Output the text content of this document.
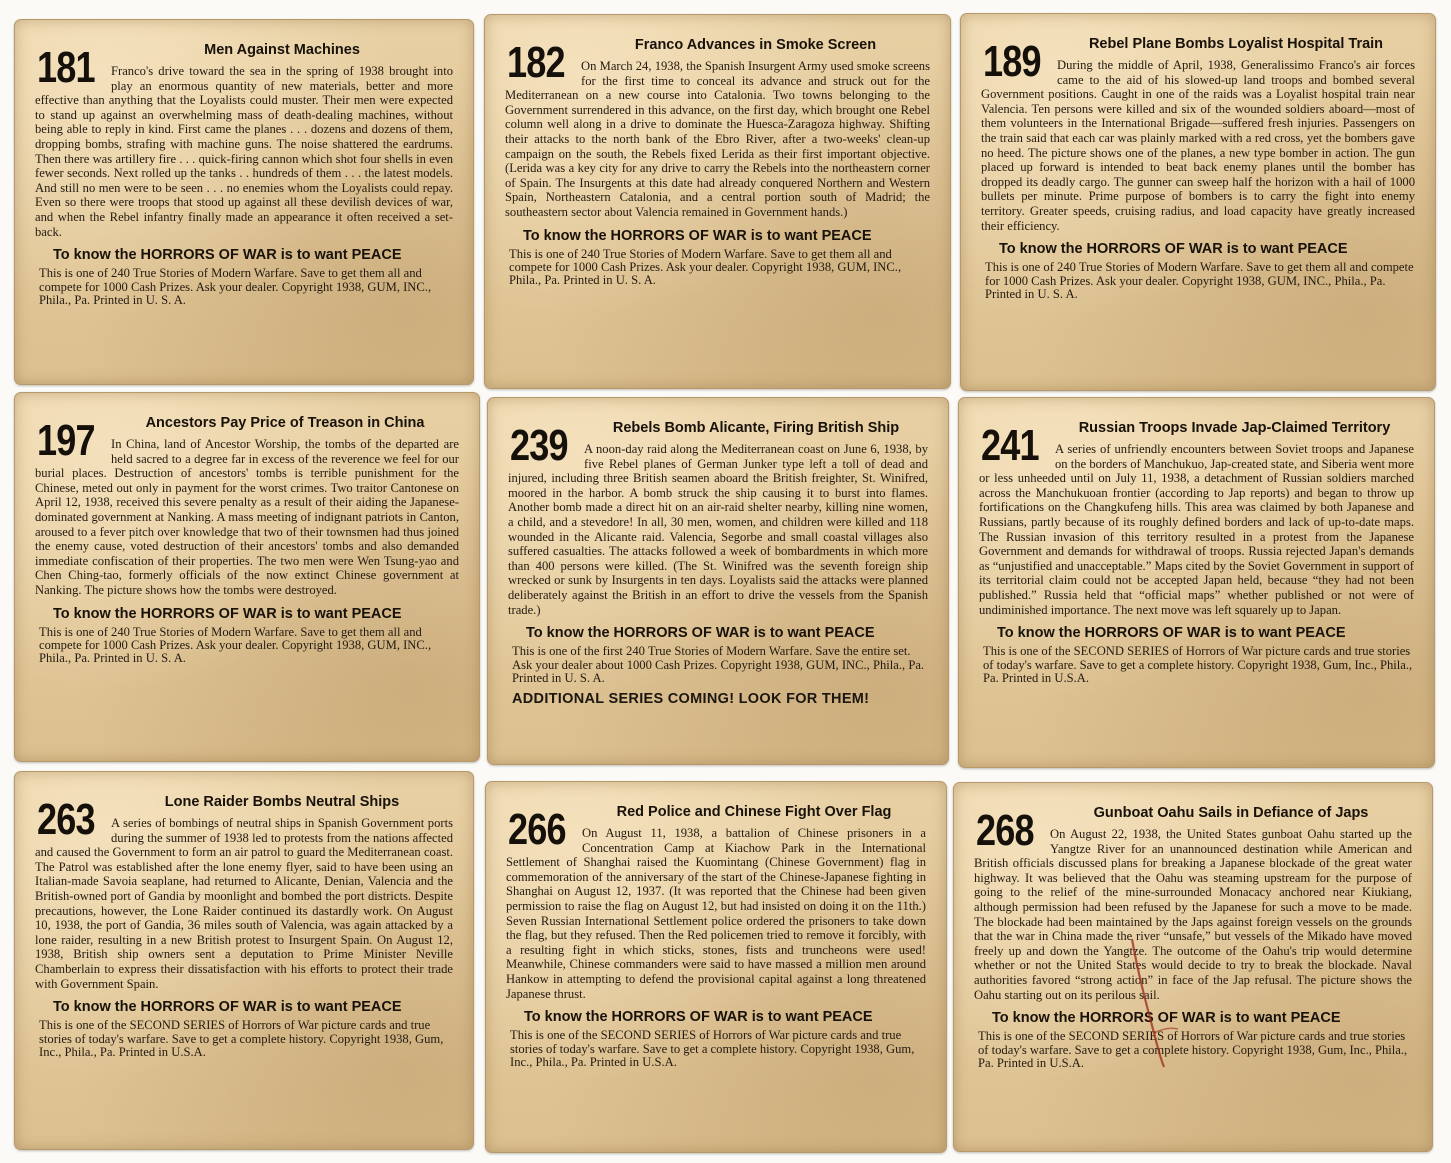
181	Men Against Machines

Franco's drive toward the sea in the spring of 1938 brought into play an enormous quantity of new materials, better and more effective than anything that the Loyalists could muster. Their men were expected to stand up against an overwhelming mass of death-dealing machines, without being able to reply in kind. First came the planes . . . dozens and dozens of them, dropping bombs, strafing with machine guns. The noise shattered the eardrums. Then there was artillery fire . . . quick-firing cannon which shot four shells in even fewer seconds. Next rolled up the tanks . . hundreds of them . . . the latest models. And still no men were to be seen . . . no enemies whom the Loyalists could repay. Even so there were troops that stood up against all these devilish devices of war, and when the Rebel infantry finally made an appearance it often received a set-back.

To know the HORRORS OF WAR is to want PEACE

This is one of 240 True Stories of Modern Warfare. Save to get them all and compete for 1000 Cash Prizes. Ask your dealer. Copyright 1938, GUM, INC., Phila., Pa. Printed in U. S. A.

182	Franco Advances in Smoke Screen

On March 24, 1938, the Spanish Insurgent Army used smoke screens for the first time to conceal its advance and struck out for the Mediterranean on a new course into Catalonia. Two towns belonging to the Government surrendered in this advance, on the first day, which brought one Rebel column well along in a drive to dominate the Huesca-Zaragoza highway. Shifting their attacks to the north bank of the Ebro River, after a two-weeks' clean-up campaign on the south, the Rebels fixed Lerida as their first important objective. (Lerida was a key city for any drive to carry the Rebels into the northeastern corner of Spain. The Insurgents at this date had already conquered Northern and Western Spain, Northeastern Catalonia, and a central portion south of Madrid; the southeastern sector about Valencia remained in Government hands.)

To know the HORRORS OF WAR is to want PEACE

This is one of 240 True Stories of Modern Warfare. Save to get them all and compete for 1000 Cash Prizes. Ask your dealer. Copyright 1938, GUM, INC., Phila., Pa. Printed in U. S. A.

189	Rebel Plane Bombs Loyalist Hospital Train

During the middle of April, 1938, Generalissimo Franco's air forces came to the aid of his slowed-up land troops and bombed several Government positions. Caught in one of the raids was a Loyalist hospital train near Valencia. Ten persons were killed and six of the wounded soldiers aboard—most of them volunteers in the International Brigade—suffered fresh injuries. Passengers on the train said that each car was plainly marked with a red cross, yet the bombers gave no heed. The picture shows one of the planes, a new type bomber in action. The gun placed up forward is intended to beat back enemy planes until the bomber has dropped its deadly cargo. The gunner can sweep half the horizon with a hail of 1000 bullets per minute. Prime purpose of bombers is to carry the fight into enemy territory. Greater speeds, cruising radius, and load capacity have greatly increased their efficiency.

To know the HORRORS OF WAR is to want PEACE

This is one of 240 True Stories of Modern Warfare. Save to get them all and compete for 1000 Cash Prizes. Ask your dealer. Copyright 1938, GUM, INC., Phila., Pa. Printed in U. S. A.

197	Ancestors Pay Price of Treason in China

In China, land of Ancestor Worship, the tombs of the departed are held sacred to a degree far in excess of the reverence we feel for our burial places. Destruction of ancestors' tombs is terrible punishment for the Chinese, meted out only in payment for the worst crimes. Two traitor Cantonese on April 12, 1938, received this severe penalty as a result of their aiding the Japanese-dominated government at Nanking. A mass meeting of indignant patriots in Canton, aroused to a fever pitch over knowledge that two of their townsmen had thus joined the enemy cause, voted destruction of their ancestors' tombs and also demanded immediate confiscation of their properties. The two men were Wen Tsung-yao and Chen Ching-tao, formerly officials of the now extinct Chinese government at Nanking. The picture shows how the tombs were destroyed.

To know the HORRORS OF WAR is to want PEACE

This is one of 240 True Stories of Modern Warfare. Save to get them all and compete for 1000 Cash Prizes. Ask your dealer. Copyright 1938, GUM, INC., Phila., Pa. Printed in U. S. A.

239	Rebels Bomb Alicante, Firing British Ship

A noon-day raid along the Mediterranean coast on June 6, 1938, by five Rebel planes of German Junker type left a toll of dead and injured, including three British seamen aboard the British freighter, St. Winifred, moored in the harbor. A bomb struck the ship causing it to burst into flames. Another bomb made a direct hit on an air-raid shelter nearby, killing nine women, a child, and a stevedore! In all, 30 men, women, and children were killed and 118 wounded in the Alicante raid. Valencia, Segorbe and small coastal villages also suffered casualties. The attacks followed a week of bombardments in which more than 400 persons were killed. (The St. Winifred was the seventh foreign ship wrecked or sunk by Insurgents in ten days. Loyalists said the attacks were planned deliberately against the British in an effort to drive the vessels from the Spanish trade.)

To know the HORRORS OF WAR is to want PEACE

This is one of the first 240 True Stories of Modern Warfare. Save the entire set. Ask your dealer about 1000 Cash Prizes. Copyright 1938, GUM, INC., Phila., Pa. Printed in U. S. A.

ADDITIONAL SERIES COMING! LOOK FOR THEM!
241	Russian Troops Invade Jap-Claimed Territory

A series of unfriendly encounters between Soviet troops and Japanese on the borders of Manchukuo, Jap-created state, and Siberia went more or less unheeded until on July 11, 1938, a detachment of Russian soldiers marched across the Manchukuoan frontier (according to Jap reports) and began to throw up fortifications on the Changkufeng hills. This area was claimed by both Japanese and Russians, partly because of its roughly defined borders and lack of up-to-date maps. The Russian invasion of this territory resulted in a protest from the Japanese Government and demands for withdrawal of troops. Russia rejected Japan's demands as “unjustified and unacceptable.” Maps cited by the Soviet Government in support of its territorial claim could not be accepted Japan held, because “they had not been published.” Russia held that “official maps” whether published or not were of undiminished importance. The next move was left squarely up to Japan.

To know the HORRORS OF WAR is to want PEACE

This is one of the SECOND SERIES of Horrors of War picture cards and true stories of today's warfare. Save to get a complete history. Copyright 1938, Gum, Inc., Phila., Pa. Printed in U.S.A.

263	Lone Raider Bombs Neutral Ships

A series of bombings of neutral ships in Spanish Government ports during the summer of 1938 led to protests from the nations affected and caused the Government to form an air patrol to guard the Mediterranean coast. The Patrol was established after the lone enemy flyer, said to have been using an Italian-made Savoia seaplane, had returned to Alicante, Denian, Valencia and the British-owned port of Gandia by moonlight and bombed the port districts. Despite precautions, however, the Lone Raider continued its dastardly work. On August 10, 1938, the port of Gandia, 36 miles south of Valencia, was again attacked by a lone raider, resulting in a new British protest to Insurgent Spain. On August 12, 1938, British ship owners sent a deputation to Prime Minister Neville Chamberlain to express their dissatisfaction with his efforts to protect their trade with Government Spain.

To know the HORRORS OF WAR is to want PEACE

This is one of the SECOND SERIES of Horrors of War picture cards and true stories of today's warfare. Save to get a complete history. Copyright 1938, Gum, Inc., Phila., Pa. Printed in U.S.A.

266	Red Police and Chinese Fight Over Flag

On August 11, 1938, a battalion of Chinese prisoners in a Concentration Camp at Kiachow Park in the International Settlement of Shanghai raised the Kuomintang (Chinese Government) flag in commemoration of the anniversary of the start of the Chinese-Japanese fighting in Shanghai on August 12, 1937. (It was reported that the Chinese had been given permission to raise the flag on August 12, but had insisted on doing it on the 11th.) Seven Russian International Settlement police ordered the prisoners to take down the flag, but they refused. Then the Red policemen tried to remove it forcibly, with a resulting fight in which sticks, stones, fists and truncheons were used! Meanwhile, Chinese commanders were said to have massed a million men around Hankow in attempting to defend the provisional capital against a long threatened Japanese thrust.

To know the HORRORS OF WAR is to want PEACE

This is one of the SECOND SERIES of Horrors of War picture cards and true stories of today's warfare. Save to get a complete history. Copyright 1938, Gum, Inc., Phila., Pa. Printed in U.S.A.

268	Gunboat Oahu Sails in Defiance of Japs

On August 22, 1938, the United States gunboat Oahu started up the Yangtze River for an unannounced destination while American and British officials discussed plans for breaking a Japanese blockade of the great water highway. It was believed that the Oahu was steaming upstream for the purpose of going to the relief of the mine-surrounded Monacacy anchored near Kiukiang, although permission had been refused by the Japanese for such a move to be made. The blockade had been maintained by the Japs against foreign vessels on the grounds that the war in China made the river “unsafe,” but vessels of the Mikado have moved freely up and down the Yangtze. The outcome of the Oahu's trip would determine whether or not the United States would decide to try to break the blockade. Naval authorities favored “strong action” in face of the Jap refusal. The picture shows the Oahu starting out on its perilous sail.

To know the HORRORS OF WAR is to want PEACE

This is one of the SECOND SERIES of Horrors of War picture cards and true stories of today's warfare. Save to get a complete history. Copyright 1938, Gum, Inc., Phila., Pa. Printed in U.S.A.
